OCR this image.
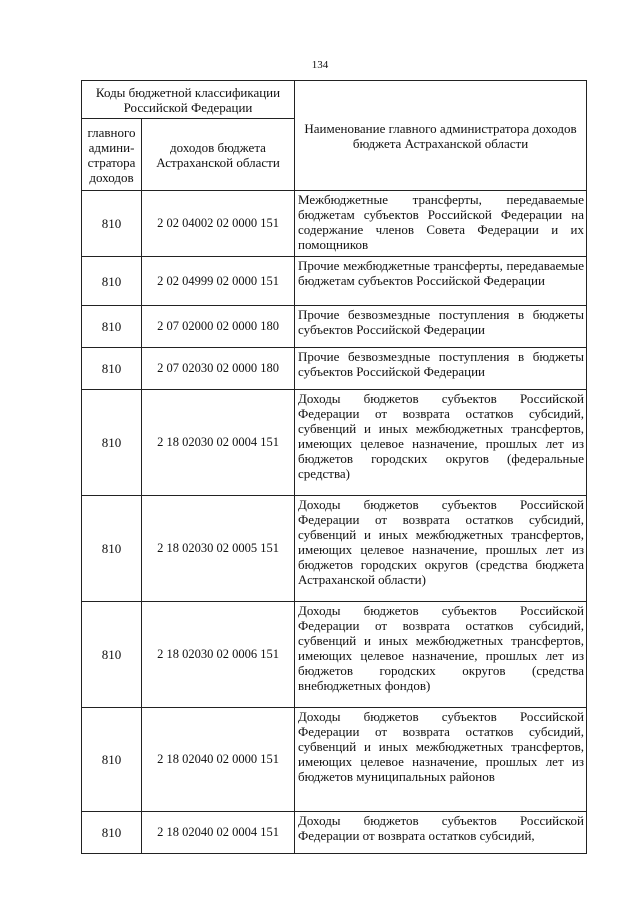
134
Коды бюджетной классификации Российской Федерации		Наименование главного администратора доходов бюджета Астраханской области
главного админи- стратора доходов	доходов бюджета Астраханской области	
810	2 02 04002 02 0000 151	Межбюджетные трансферты, передаваемые бюджетам субъектов Российской Федерации на содержание членов Совета Федерации и их помощников
810	2 02 04999 02 0000 151	Прочие межбюджетные трансферты, передаваемые бюджетам субъектов Российской Федерации
810	2 07 02000 02 0000 180	Прочие безвозмездные поступления в бюджеты субъектов Российской Федерации
810	2 07 02030 02 0000 180	Прочие безвозмездные поступления в бюджеты субъектов Российской Федерации
810	2 18 02030 02 0004 151	Доходы бюджетов субъектов Российской Федерации от возврата остатков субсидий, субвенций и иных межбюджетных трансфертов, имеющих целевое назначение, прошлых лет из бюджетов городских округов (федеральные средства)
810	2 18 02030 02 0005 151	Доходы бюджетов субъектов Российской Федерации от возврата остатков субсидий, субвенций и иных межбюджетных трансфертов, имеющих целевое назначение, прошлых лет из бюджетов городских округов (средства бюджета Астраханской области)
810	2 18 02030 02 0006 151	Доходы бюджетов субъектов Российской Федерации от возврата остатков субсидий, субвенций и иных межбюджетных трансфертов, имеющих целевое назначение, прошлых лет из бюджетов городских округов (средства внебюджетных фондов)
810	2 18 02040 02 0000 151	Доходы бюджетов субъектов Российской Федерации от возврата остатков субсидий, субвенций и иных межбюджетных трансфертов, имеющих целевое назначение, прошлых лет из бюджетов муниципальных районов
810	2 18 02040 02 0004 151	Доходы бюджетов субъектов Российской Федерации от возврата остатков субсидий,
